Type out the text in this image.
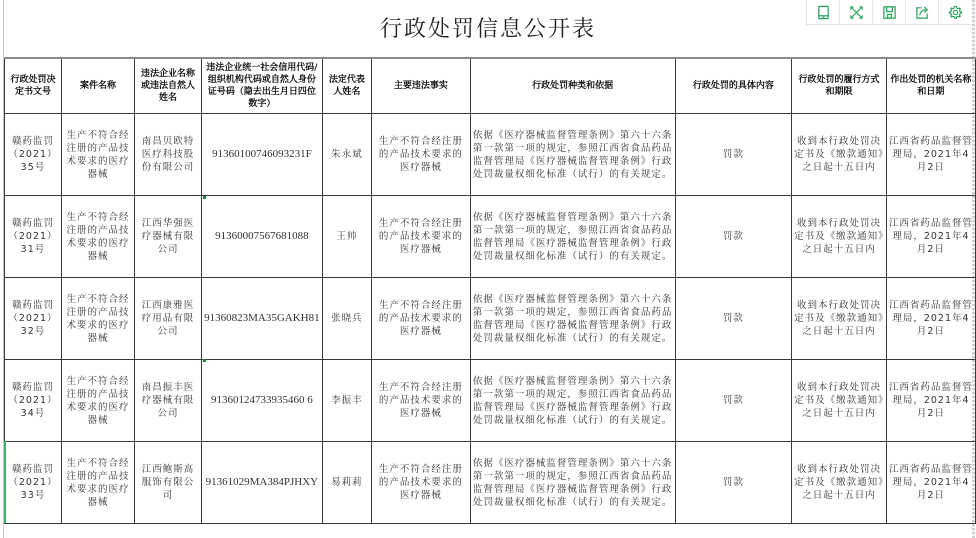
行政处罚信息公开表
行政处罚决定书文号	案件名称	违法企业名称或违法自然人姓名	违法企业统一社会信用代码/组织机构代码或自然人身份证号码（隐去出生月日四位数字）	法定代表人姓名	主要违法事实	行政处罚种类和依据	行政处罚的具体内容	行政处罚的履行方式和期限	作出处罚的机关名称和日期
赣药监罚（2021）35号	生产不符合经注册的产品技术要求的医疗器械	南昌贝欧特医疗科技股份有限公司	91360100746093231F	朱永斌	生产不符合经注册的产品技术要求的医疗器械	依据《医疗器械监督管理条例》第六十六条第一款第一项的规定，参照江西省食品药品监督管理局《医疗器械监督管理条例》行政处罚裁量权细化标准（试行）的有关规定。	罚款	收到本行政处罚决定书及《缴款通知》之日起十五日内	江西省药品监督管理局，2021年4月2日
赣药监罚（2021）31号	生产不符合经注册的产品技术要求的医疗器械	江西华强医疗器械有限公司	91360007567681088	王帅	生产不符合经注册的产品技术要求的医疗器械	依据《医疗器械监督管理条例》第六十六条第一款第一项的规定，参照江西省食品药品监督管理局《医疗器械监督管理条例》行政处罚裁量权细化标准（试行）的有关规定。	罚款	收到本行政处罚决定书及《缴款通知》之日起十五日内	江西省药品监督管理局，2021年4月2日
赣药监罚（2021）32号	生产不符合经注册的产品技术要求的医疗器械	江西康雅医疗用品有限公司	91360823MA35GAKH81	张晓兵	生产不符合经注册的产品技术要求的医疗器械	依据《医疗器械监督管理条例》第六十六条第一款第一项的规定，参照江西省食品药品监督管理局《医疗器械监督管理条例》行政处罚裁量权细化标准（试行）的有关规定。	罚款	收到本行政处罚决定书及《缴款通知》之日起十五日内	江西省药品监督管理局，2021年4月2日
赣药监罚（2021）34号	生产不符合经注册的产品技术要求的医疗器械	南昌振丰医疗器械有限公司	91360124733935460 6	李振丰	生产不符合经注册的产品技术要求的医疗器械	依据《医疗器械监督管理条例》第六十六条第一款第一项的规定，参照江西省食品药品监督管理局《医疗器械监督管理条例》行政处罚裁量权细化标准（试行）的有关规定。	罚款	收到本行政处罚决定书及《缴款通知》之日起十五日内	江西省药品监督管理局，2021年4月2日
赣药监罚（2021）33号	生产不符合经注册的产品技术要求的医疗器械	江西鲍斯高服饰有限公司	91361029MA384PJHXY	易莉莉	生产不符合经注册的产品技术要求的医疗器械	依据《医疗器械监督管理条例》第六十六条第一款第一项的规定，参照江西省食品药品监督管理局《医疗器械监督管理条例》行政处罚裁量权细化标准（试行）的有关规定。	罚款	收到本行政处罚决定书及《缴款通知》之日起十五日内	江西省药品监督管理局，2021年4月2日
